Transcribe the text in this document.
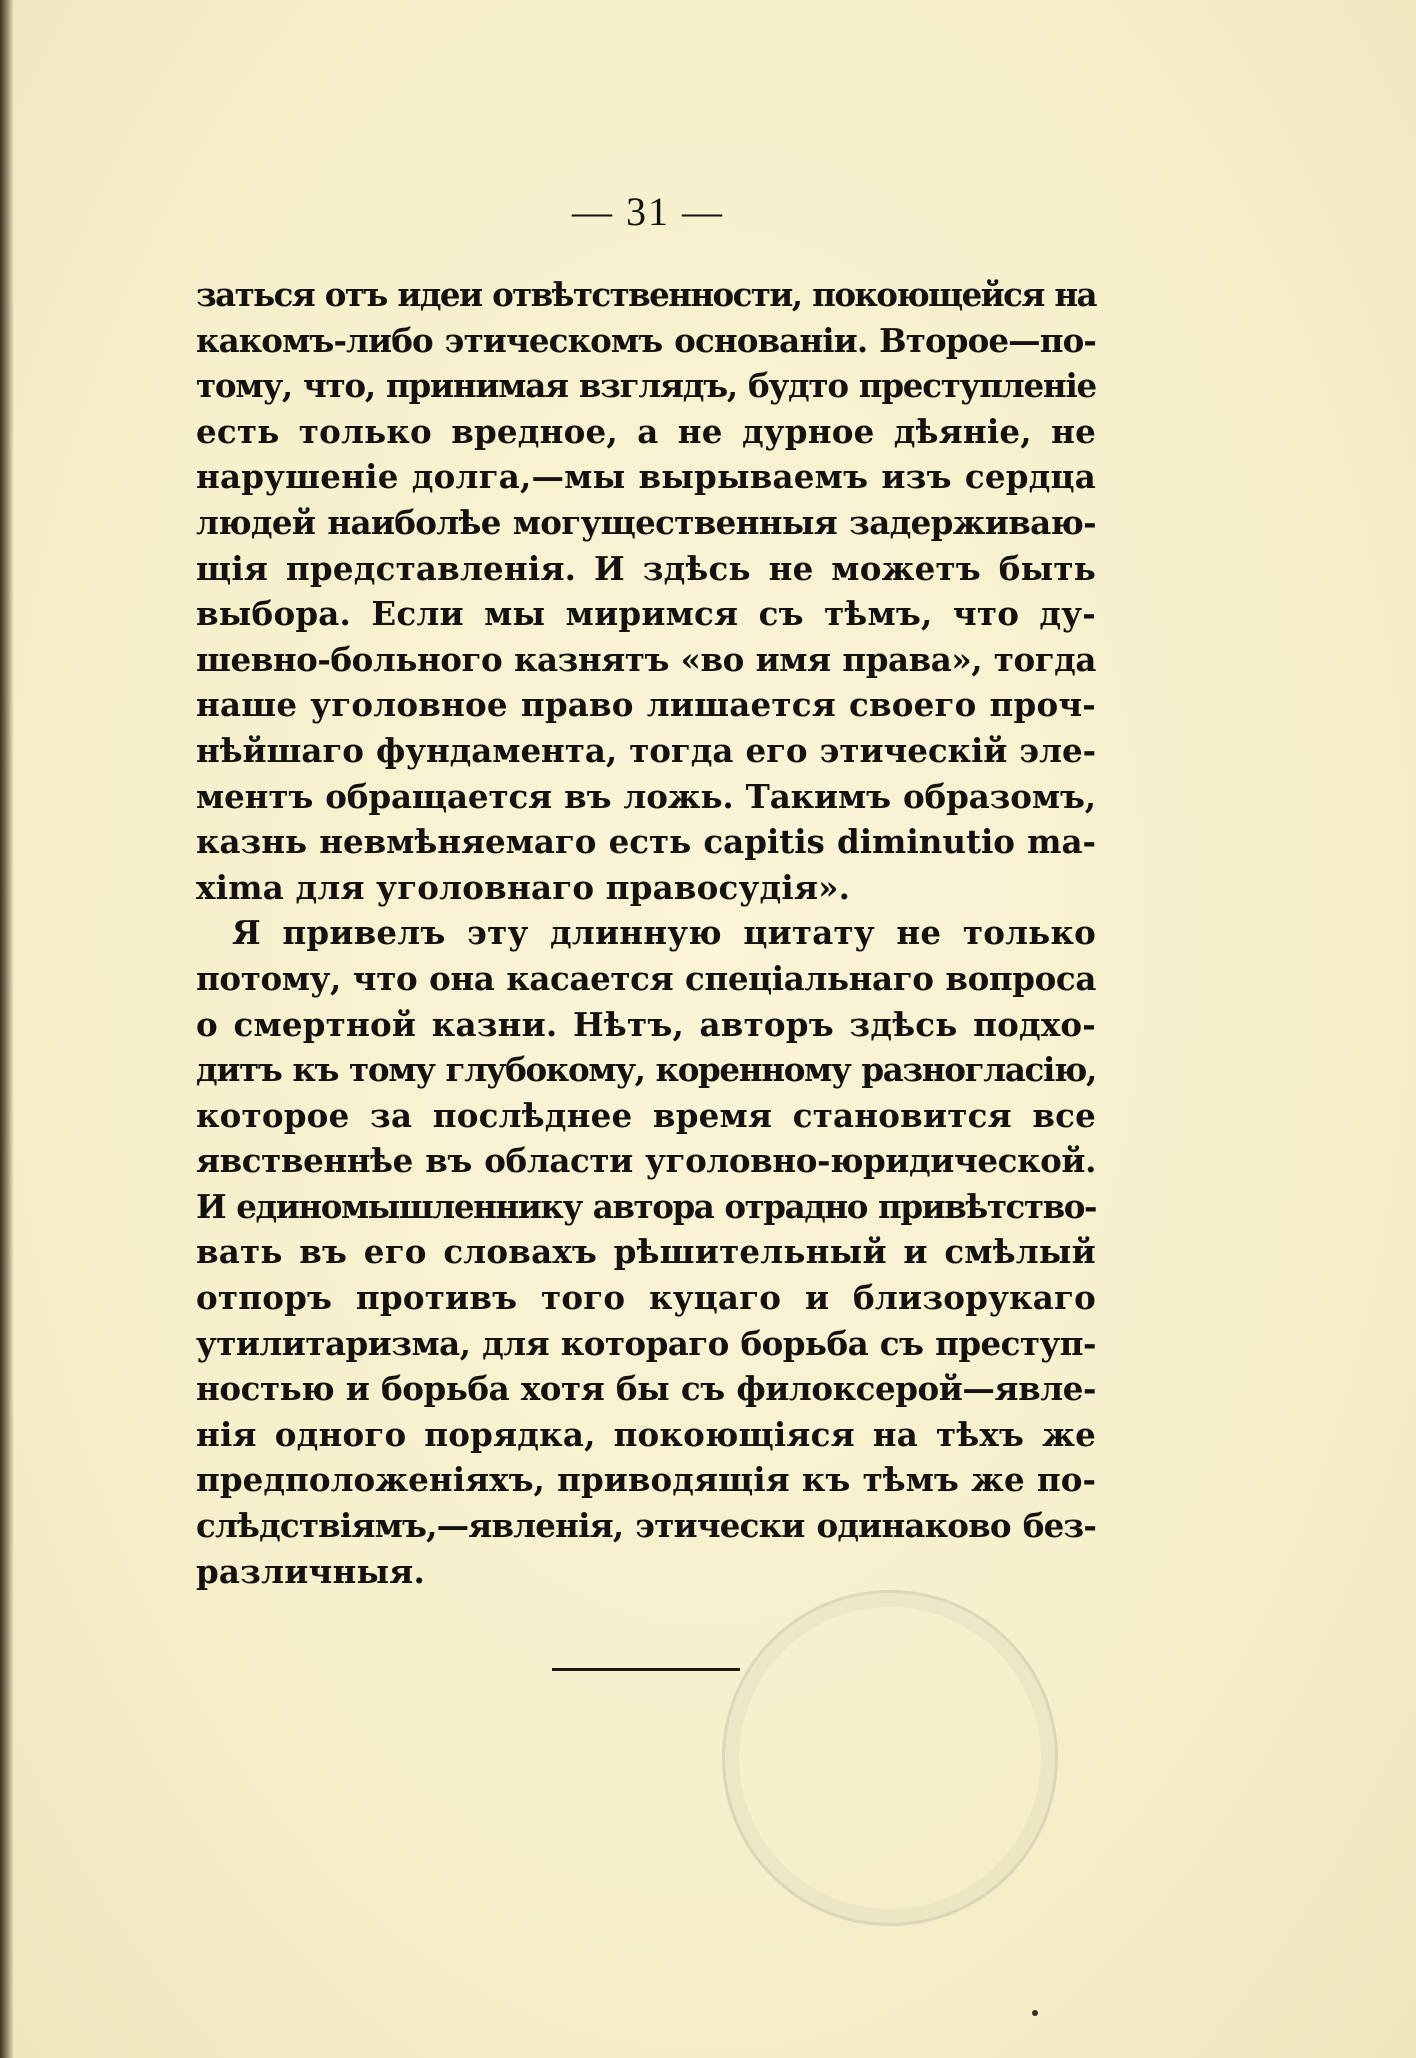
— 31 —
заться отъ идеи отвѣтственности, покоющейся на
какомъ-либо этическомъ основаніи. Второе—по-
тому, что, принимая взглядъ, будто преступленіе
есть только вредное, а не дурное дѣяніе, не
нарушеніе долга,—мы вырываемъ изъ сердца
людей наиболѣе могущественныя задерживаю-
щія представленія. И здѣсь не можетъ быть
выбора. Если мы миримся съ тѣмъ, что ду-
шевно-больного казнятъ «во имя права», тогда
наше уголовное право лишается своего проч-
нѣйшаго фундамента, тогда его этическій эле-
ментъ обращается въ ложь. Такимъ образомъ,
казнь невмѣняемаго есть capitis diminutio ma-
xima для уголовнаго правосудія».
Я привелъ эту длинную цитату не только
потому, что она касается спеціальнаго вопроса
о смертной казни. Нѣтъ, авторъ здѣсь подхо-
дитъ къ тому глубокому, коренному разногласію,
которое за послѣднее время становится все
явственнѣе въ области уголовно-юридической.
И единомышленнику автора отрадно привѣтство-
вать въ его словахъ рѣшительный и смѣлый
отпоръ противъ того куцаго и близорукаго
утилитаризма, для котораго борьба съ преступ-
ностью и борьба хотя бы съ филоксерой—явле-
нія одного порядка, покоющіяся на тѣхъ же
предположеніяхъ, приводящія къ тѣмъ же по-
слѣдствіямъ,—явленія, этически одинаково без-
различныя.
